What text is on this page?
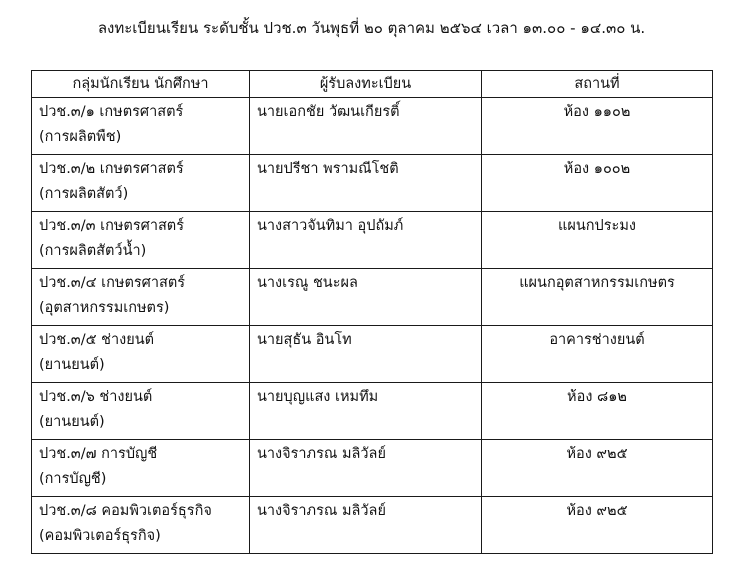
ลงทะเบียนเรียน ระดับชั้น ปวช.๓ วันพุธที่ ๒๐ ตุลาคม ๒๕๖๔ เวลา ๑๓.๐๐ - ๑๔.๓๐ น.
กลุ่มนักเรียน นักศึกษา	ผู้รับลงทะเบียน	สถานที่

ปวช.๓/๑ เกษตรศาสตร์
(การผลิตพืช)	นายเอกชัย วัฒนเกียรติ์	ห้อง ๑๑๐๒

ปวช.๓/๒ เกษตรศาสตร์
(การผลิตสัตว์)	นายปรีชา พรามณีโชติ	ห้อง ๑๐๐๒

ปวช.๓/๓ เกษตรศาสตร์
(การผลิตสัตว์น้ำ)	นางสาวจันทิมา อุปถัมภ์	แผนกประมง

ปวช.๓/๔ เกษตรศาสตร์
(อุตสาหกรรมเกษตร)	นางเรณู ชนะผล	แผนกอุตสาหกรรมเกษตร

ปวช.๓/๕ ช่างยนต์
(ยานยนต์)	นายสุธัน อินโท	อาคารช่างยนต์

ปวช.๓/๖ ช่างยนต์
(ยานยนต์)	นายบุญแสง เหมทึม	ห้อง ๘๑๒

ปวช.๓/๗ การบัญชี
(การบัญชี)	นางจิราภรณ มลิวัลย์	ห้อง ๙๒๕

ปวช.๓/๘ คอมพิวเตอร์ธุรกิจ
(คอมพิวเตอร์ธุรกิจ)	นางจิราภรณ มลิวัลย์	ห้อง ๙๒๕
